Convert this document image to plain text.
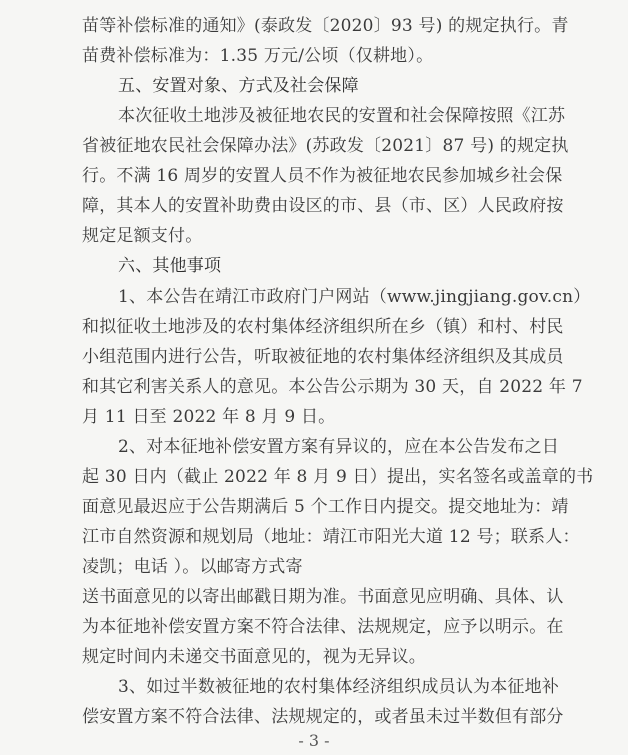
苗等补偿标准的通知》(泰政发〔2020〕93 号) 的规定执行。青
苗费补偿标准为：1.35 万元/公顷（仅耕地）。
五、安置对象、方式及社会保障
本次征收土地涉及被征地农民的安置和社会保障按照《江苏
省被征地农民社会保障办法》(苏政发〔2021〕87 号) 的规定执
行。不满 16 周岁的安置人员不作为被征地农民参加城乡社会保
障，其本人的安置补助费由设区的市、县（市、区）人民政府按
规定足额支付。
六、其他事项
1、本公告在靖江市政府门户网站（www.jingjiang.gov.cn）
和拟征收土地涉及的农村集体经济组织所在乡（镇）和村、村民
小组范围内进行公告，听取被征地的农村集体经济组织及其成员
和其它利害关系人的意见。本公告公示期为 30 天，自 2022 年 7
月 11 日至 2022 年 8 月 9 日。
2、对本征地补偿安置方案有异议的，应在本公告发布之日
起 30 日内（截止 2022 年 8 月 9 日）提出，实名签名或盖章的书
面意见最迟应于公告期满后 5 个工作日内提交。提交地址为：靖
江市自然资源和规划局（地址：靖江市阳光大道 12 号；联系人：
凌凯；电话 ）。以邮寄方式寄
送书面意见的以寄出邮戳日期为准。书面意见应明确、具体、认
为本征地补偿安置方案不符合法律、法规规定，应予以明示。在
规定时间内未递交书面意见的，视为无异议。
3、如过半数被征地的农村集体经济组织成员认为本征地补
偿安置方案不符合法律、法规规定的，或者虽未过半数但有部分
- 3 -
